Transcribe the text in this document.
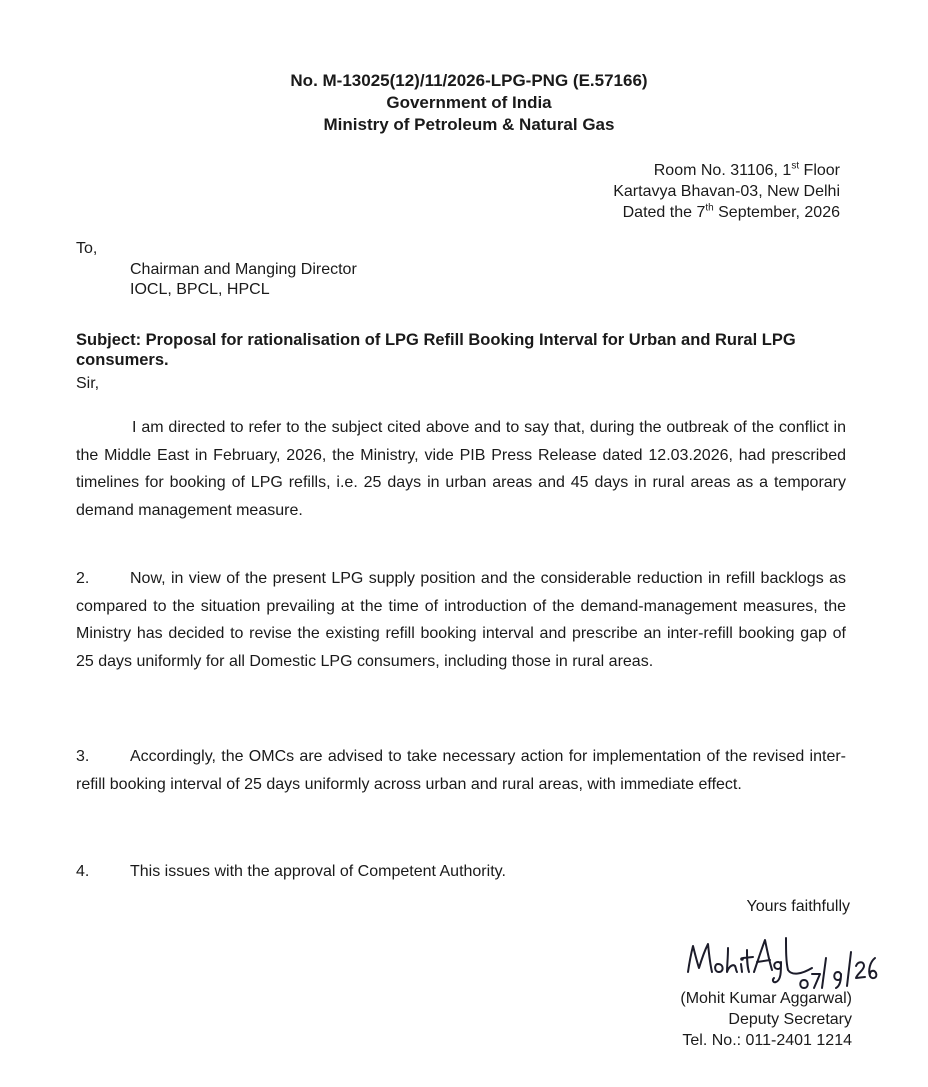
No. M-13025(12)/11/2026-LPG-PNG (E.57166)
Government of India
Ministry of Petroleum & Natural Gas
Room No. 31106, 1st Floor
Kartavya Bhavan-03, New Delhi
Dated the 7th September, 2026
To,
Chairman and Manging Director
IOCL, BPCL, HPCL
Subject: Proposal for rationalisation of LPG Refill Booking Interval for Urban and Rural LPG consumers.
Sir,
I am directed to refer to the subject cited above and to say that, during the outbreak of the conflict in the Middle East in February, 2026, the Ministry, vide PIB Press Release dated 12.03.2026, had prescribed timelines for booking of LPG refills, i.e. 25 days in urban areas and 45 days in rural areas as a temporary demand management measure.
2.	Now, in view of the present LPG supply position and the considerable reduction in refill backlogs as compared to the situation prevailing at the time of introduction of the demand-management measures, the Ministry has decided to revise the existing refill booking interval and prescribe an inter-refill booking gap of 25 days uniformly for all Domestic LPG consumers, including those in rural areas.
3.	Accordingly, the OMCs are advised to take necessary action for implementation of the revised inter-refill booking interval of 25 days uniformly across urban and rural areas, with immediate effect.
4.	This issues with the approval of Competent Authority.
Yours faithfully
(Mohit Kumar Aggarwal)
Deputy Secretary
Tel. No.: 011-2401 1214
